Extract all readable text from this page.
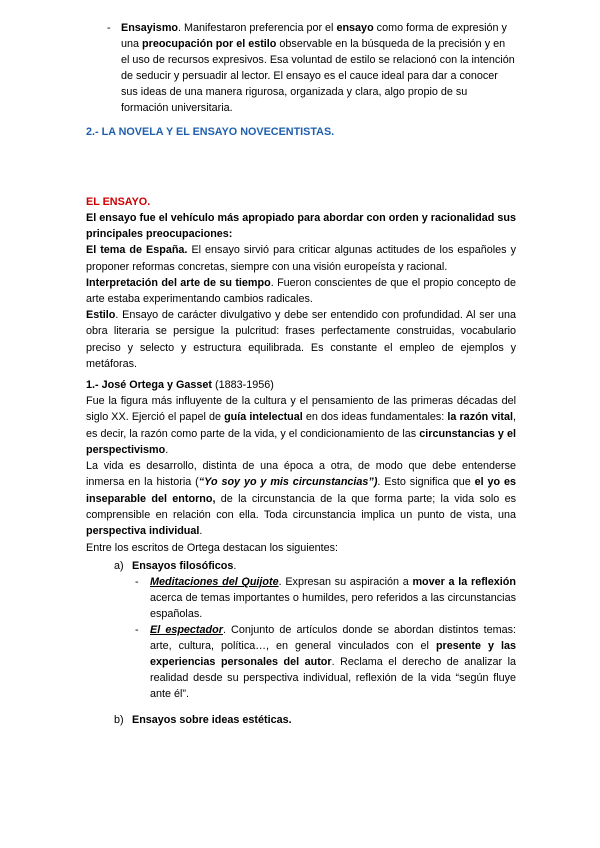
- Ensayismo. Manifestaron preferencia por el ensayo como forma de expresión y una preocupación por el estilo observable en la búsqueda de la precisión y en el uso de recursos expresivos. Esa voluntad de estilo se relacionó con la intención de seducir y persuadir al lector. El ensayo es el cauce ideal para dar a conocer sus ideas de una manera rigurosa, organizada y clara, algo propio de su formación universitaria.

2.- LA NOVELA Y EL ENSAYO NOVECENTISTAS.

EL ENSAYO.

El ensayo fue el vehículo más apropiado para abordar con orden y racionalidad sus principales preocupaciones:
El tema de España. El ensayo sirvió para criticar algunas actitudes de los españoles y proponer reformas concretas, siempre con una visión europeísta y racional.
Interpretación del arte de su tiempo. Fueron conscientes de que el propio concepto de arte estaba experimentando cambios radicales.
Estilo. Ensayo de carácter divulgativo y debe ser entendido con profundidad. Al ser una obra literaria se persigue la pulcritud: frases perfectamente construidas, vocabulario preciso y selecto y estructura equilibrada. Es constante el empleo de ejemplos y metáforas.

1.- José Ortega y Gasset (1883-1956)

Fue la figura más influyente de la cultura y el pensamiento de las primeras décadas del siglo XX. Ejerció el papel de guía intelectual en dos ideas fundamentales: la razón vital, es decir, la razón como parte de la vida, y el condicionamiento de las circunstancias y el perspectivismo.
La vida es desarrollo, distinta de una época a otra, de modo que debe entenderse inmersa en la historia (“Yo soy yo y mis circunstancias”). Esto significa que el yo es inseparable del entorno, de la circunstancia de la que forma parte; la vida solo es comprensible en relación con ella. Toda circunstancia implica un punto de vista, una perspectiva individual.
Entre los escritos de Ortega destacan los siguientes:

a) Ensayos filosóficos.

- Meditaciones del Quijote. Expresan su aspiración a mover a la reflexión acerca de temas importantes o humildes, pero referidos a las circunstancias españolas.

- El espectador. Conjunto de artículos donde se abordan distintos temas: arte, cultura, política…, en general vinculados con el presente y las experiencias personales del autor. Reclama el derecho de analizar la realidad desde su perspectiva individual, reflexión de la vida “según fluye ante él”.

b) Ensayos sobre ideas estéticas.
